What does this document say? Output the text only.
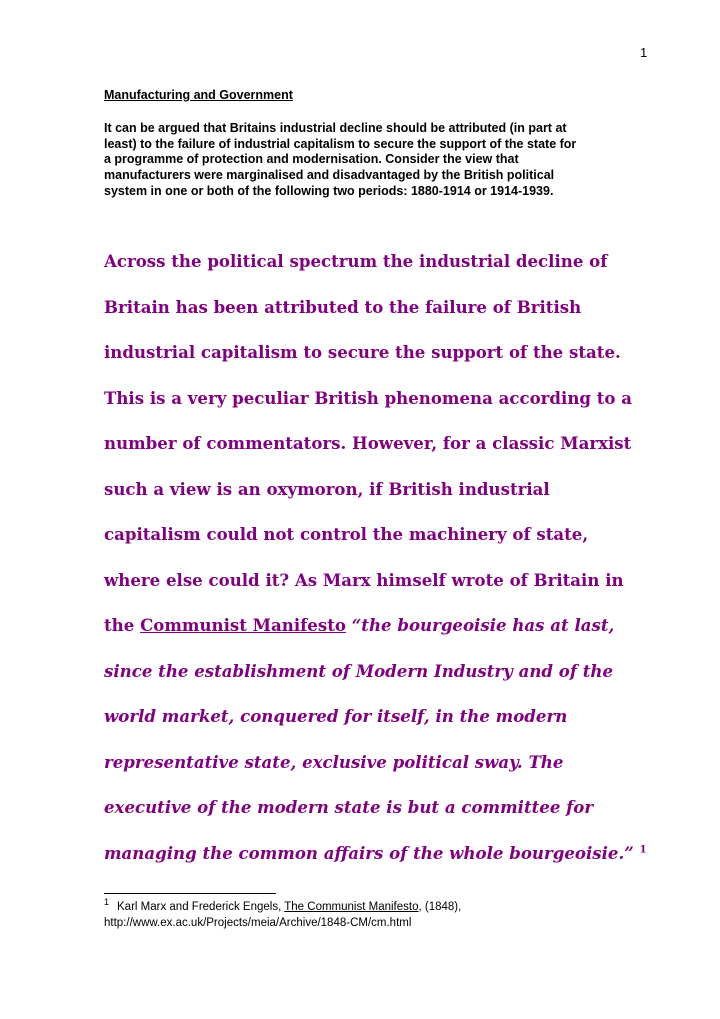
1
Manufacturing and Government
It can be argued that Britains industrial decline should be attributed (in part at
least) to the failure of industrial capitalism to secure the support of the state for
a programme of protection and modernisation. Consider the view that
manufacturers were marginalised and disadvantaged by the British political
system in one or both of the following two periods: 1880-1914 or 1914-1939.
Across the political spectrum the industrial decline of
Britain has been attributed to the failure of British
industrial capitalism to secure the support of the state.
This is a very peculiar British phenomena according to a
number of commentators. However, for a classic Marxist
such a view is an oxymoron, if British industrial
capitalism could not control the machinery of state,
where else could it? As Marx himself wrote of Britain in
the Communist Manifesto “the bourgeoisie has at last,
since the establishment of Modern Industry and of the
world market, conquered for itself, in the modern
representative state, exclusive political sway. The
executive of the modern state is but a committee for
managing the common affairs of the whole bourgeoisie.” $^1$
$^1$ Karl Marx and Frederick Engels, The Communist Manifesto, (1848),
http://www.ex.ac.uk/Projects/meia/Archive/1848-CM/cm.html
